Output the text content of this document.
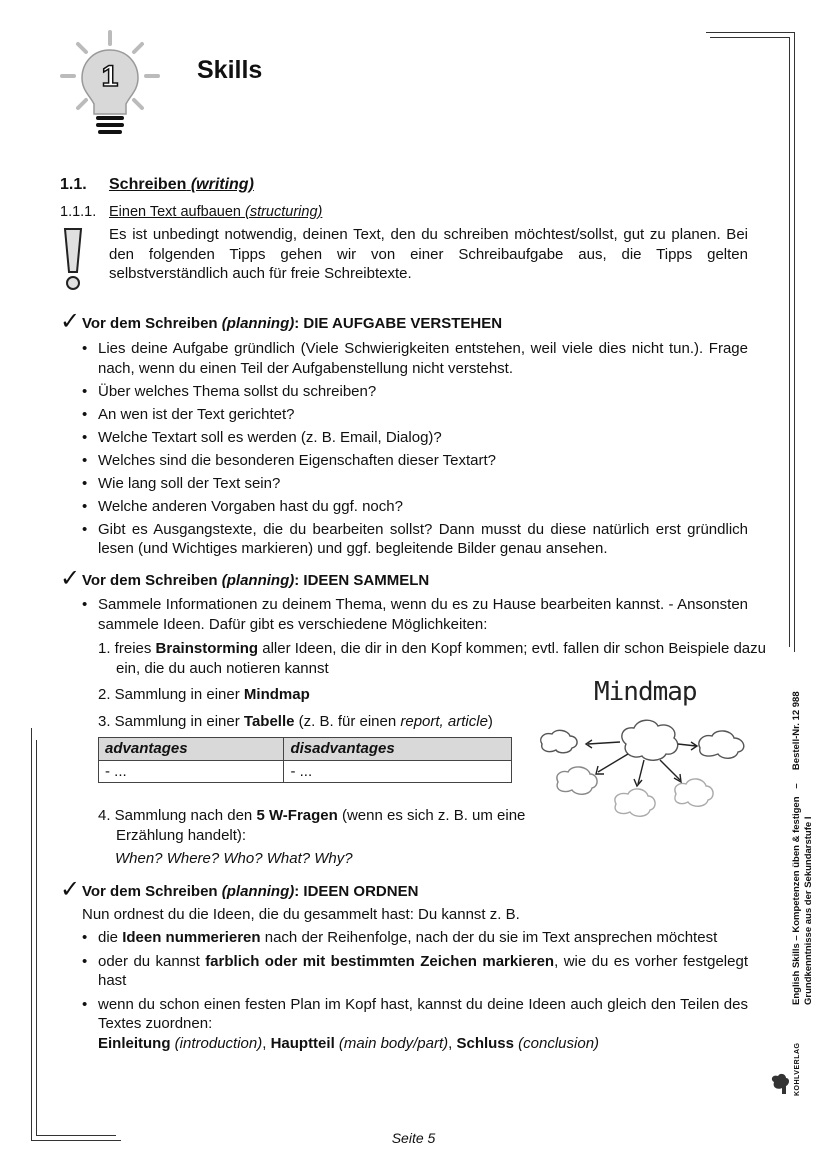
1	Skills
1.1. Schreiben (writing)
1.1.1. Einen Text aufbauen (structuring)
Es ist unbedingt notwendig, deinen Text, den du schreiben möchtest/sollst, gut zu planen. Bei den folgenden Tipps gehen wir von einer Schreibaufgabe aus, die Tipps gelten selbstverständlich auch für freie Schreibtexte.
✓ Vor dem Schreiben (planning): DIE AUFGABE VERSTEHEN
• Lies deine Aufgabe gründlich (Viele Schwierigkeiten entstehen, weil viele dies nicht tun.). Frage nach, wenn du einen Teil der Aufgabenstellung nicht verstehst.
• Über welches Thema sollst du schreiben?
• An wen ist der Text gerichtet?
• Welche Textart soll es werden (z. B. Email, Dialog)?
• Welches sind die besonderen Eigenschaften dieser Textart?
• Wie lang soll der Text sein?
• Welche anderen Vorgaben hast du ggf. noch?
• Gibt es Ausgangstexte, die du bearbeiten sollst? Dann musst du diese natürlich erst gründlich lesen (und Wichtiges markieren) und ggf. begleitende Bilder genau ansehen.
✓ Vor dem Schreiben (planning): IDEEN SAMMELN
• Sammele Informationen zu deinem Thema, wenn du es zu Hause bearbeiten kannst. - Ansonsten sammele Ideen. Dafür gibt es verschiedene Möglichkeiten:
1. freies Brainstorming aller Ideen, die dir in den Kopf kommen; evtl. fallen dir schon Beispiele dazu ein, die du auch notieren kannst
2. Sammlung in einer Mindmap
3. Sammlung in einer Tabelle (z. B. für einen report, article)
advantages	disadvantages
- ...	- ...
4. Sammlung nach den 5 W-Fragen (wenn es sich z. B. um eine Erzählung handelt):
When? Where? Who? What? Why?
Mindmap
✓ Vor dem Schreiben (planning): IDEEN ORDNEN
Nun ordnest du die Ideen, die du gesammelt hast: Du kannst z. B.
• die Ideen nummerieren nach der Reihenfolge, nach der du sie im Text ansprechen möchtest
• oder du kannst farblich oder mit bestimmten Zeichen markieren, wie du es vorher festgelegt hast
• wenn du schon einen festen Plan im Kopf hast, kannst du deine Ideen auch gleich den Teilen des Textes zuordnen:
Einleitung (introduction), Hauptteil (main body/part), Schluss (conclusion)
English Skills – Kompetenzen üben & festigen   –     Bestell-Nr. 12 988
Grundkenntnisse aus der Sekundarstufe I
KOHLVERLAG
Seite 5
